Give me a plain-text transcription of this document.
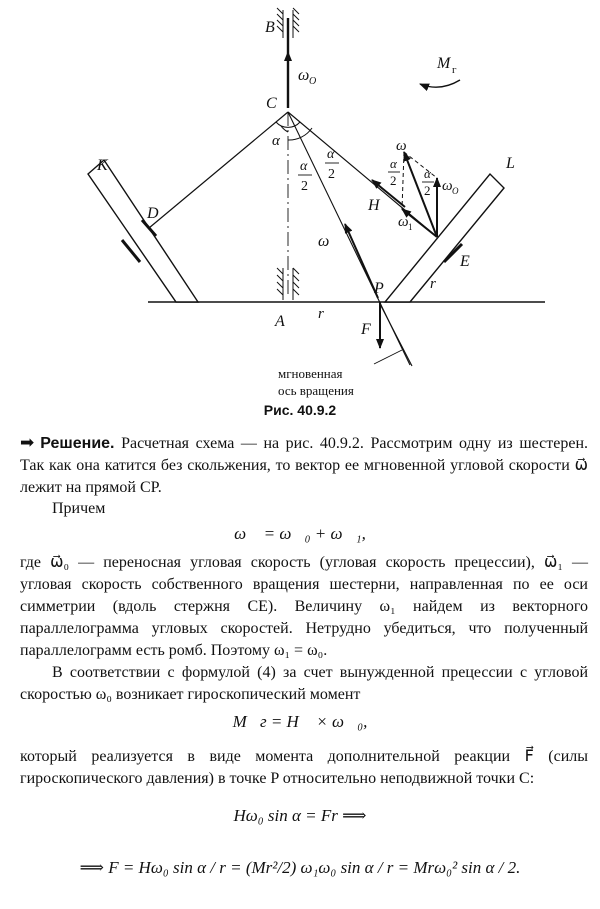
B
C
A
P
K	L
D
E
r
r
α
α
2
α
2
α
2 α
2
ω O
ω
ω
ω O
ω 1
H
F
M г
мгновенная
ось вращения
Рис. 40.9.2
➡ Решение. Расчетная схема — на рис. 40.9.2. Рассмотрим одну из шестерен. Так как она катится без скольжения, то вектор ее мгновенной угловой скорости ω⃗ лежит на прямой CP.
Причем
ω⃗ = ω⃗₀ + ω⃗₁,
где ω⃗₀ — переносная угловая скорость (угловая скорость прецессии), ω⃗₁ — угловая скорость собственного вращения шестерни, направленная по ее оси симметрии (вдоль стержня CE). Величину ω₁ найдем из векторного параллелограмма угловых скоростей. Нетрудно убедиться, что полученный параллелограмм есть ромб. Поэтому ω₁ = ω₀.
В соответствии с формулой (4) за счет вынужденной прецессии с угловой скоростью ω₀ возникает гироскопический момент
M⃗г = H⃗ × ω⃗₀,
который реализуется в виде момента дополнительной реакции F⃗ (силы гироскопического давления) в точке P относительно неподвижной точки C:
Hω₀ sin α = Fr ⟹
⟹ F = Hω₀ sin α / r = (Mr²/2) ω₁ω₀ sin α / r = Mrω₀² sin α / 2.
